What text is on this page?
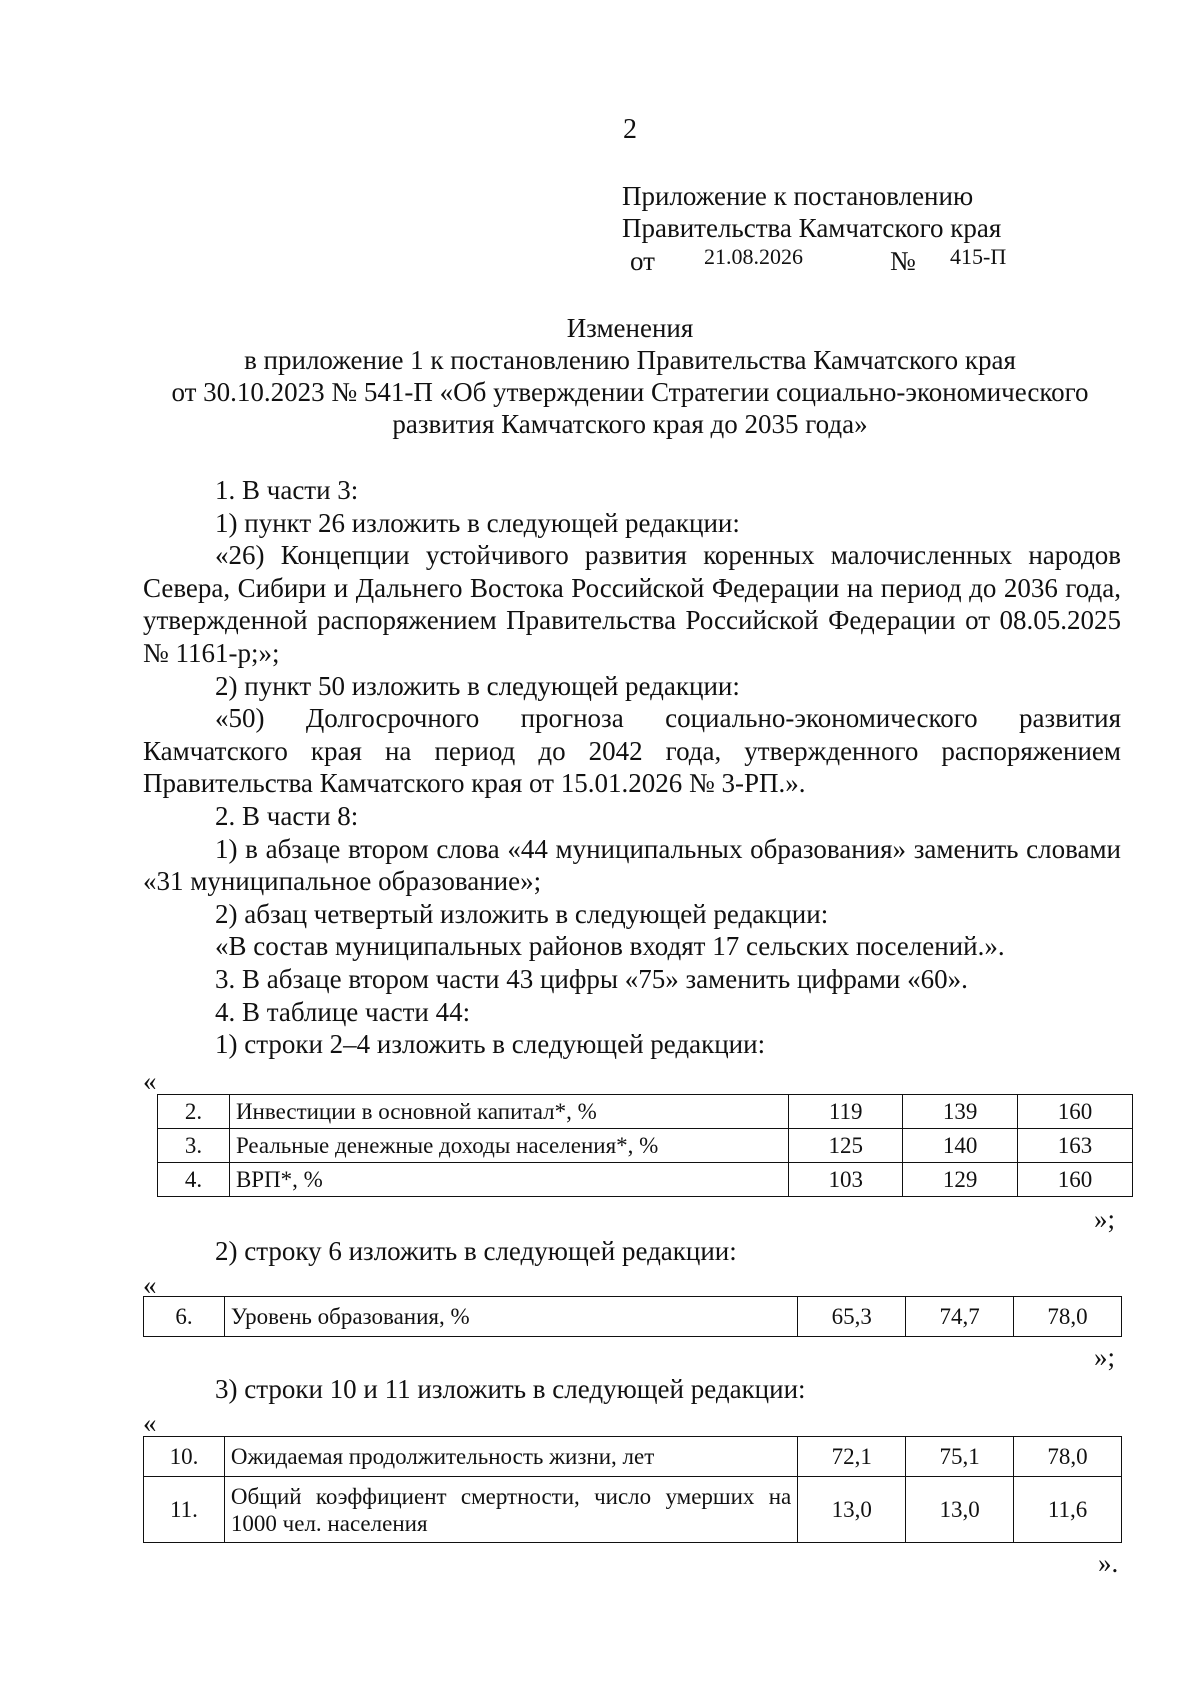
2
Приложение к постановлению
Правительства Камчатского края
от 21.08.2026	№ 415-П
Изменения
в приложение 1 к постановлению Правительства Камчатского края
от 30.10.2023 № 541-П «Об утверждении Стратегии социально-экономического
развития Камчатского края до 2035 года»

1. В части 3:

1) пункт 26 изложить в следующей редакции:

«26) Концепции устойчивого развития коренных малочисленных народов Севера, Сибири и Дальнего Востока Российской Федерации на период до 2036 года, утвержденной распоряжением Правительства Российской Федерации от 08.05.2025 № 1161-р;»;

2) пункт 50 изложить в следующей редакции:

«50) Долгосрочного прогноза социально-экономического развития Камчатского края на период до 2042 года, утвержденного распоряжением Правительства Камчатского края от 15.01.2026 № 3-РП.».

2. В части 8:

1) в абзаце втором слова «44 муниципальных образования» заменить словами «31 муниципальное образование»;

2) абзац четвертый изложить в следующей редакции:

«В состав муниципальных районов входят 17 сельских поселений.».

3. В абзаце втором части 43 цифры «75» заменить цифрами «60».

4. В таблице части 44:

1) строки 2–4 изложить в следующей редакции:

«
2.	Инвестиции в основной капитал*, %	119	139	160
3.	Реальные денежные доходы населения*, %	125	140	163
4.	ВРП*, %	103	129	160
»;
2) строку 6 изложить в следующей редакции:
«
6.	Уровень образования, %	65,3	74,7	78,0
»;
3) строки 10 и 11 изложить в следующей редакции:
«
10.	Ожидаемая продолжительность жизни, лет	72,1	75,1	78,0
11.	Общий коэффициент смертности, число умерших на 1000 чел. населения	13,0	13,0	11,6
».
